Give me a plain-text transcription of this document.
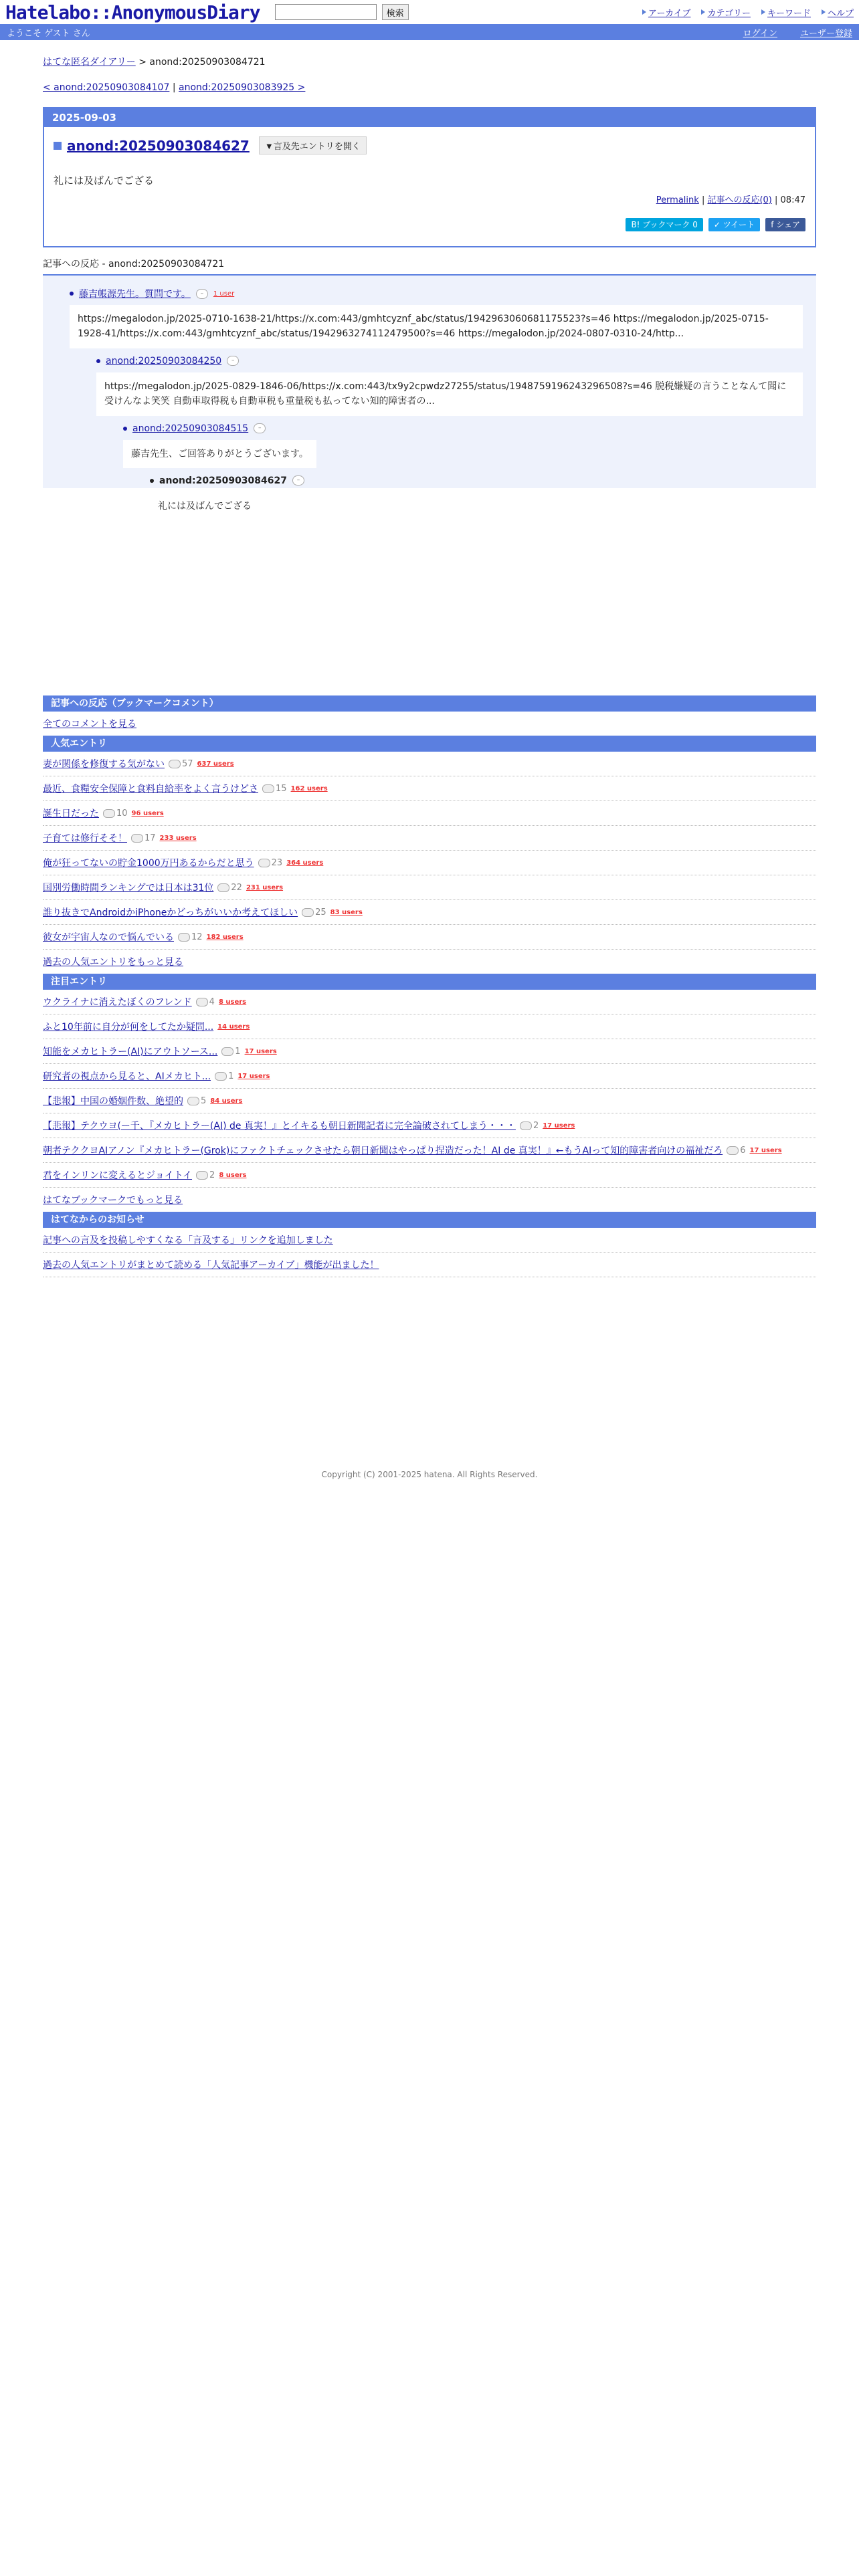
Hatelabo::AnonymousDiary	検索	アーカイブ カテゴリー キーワード ヘルプ
ようこそ ゲスト さん	ログイン	ユーザー登録
はてな匿名ダイアリー > anond:20250903084721
< anond:20250903084107 | anond:20250903083925 >
2025-09-03
anond:20250903084627	▼言及先エントリを開く
礼には及ばんでござる
Permalink | 記事への反応(0) | 08:47
B! ブックマーク 0	✓ ツイート	f シェア
記事への反応 - anond:20250903084721
藤吉帳源先生。質問です。	–	1 user
https://megalodon.jp/2025-0710-1638-21/https://x.com:443/gmhtcyznf_abc/status/1942963060681175523?s=46 https://megalodon.jp/2025-0715-1928-41/https://x.com:443/gmhtcyznf_abc/status/1942963274112479500?s=46 https://megalodon.jp/2024-0807-0310-24/http...
anond:20250903084250	–
https://megalodon.jp/2025-0829-1846-06/https://x.com:443/tx9y2cpwdz27255/status/1948759196243296508?s=46 脱税嫌疑の言うことなんて聞に受けんなよ笑笑 自動車取得税も自動車税も重量税も払ってない知的障害者の...
anond:20250903084515	–
藤吉先生、ご回答ありがとうございます。
anond:20250903084627	–
礼には及ばんでござる
記事への反応（ブックマークコメント）
全てのコメントを見る
人気エントリ
妻が関係を修復する気がない 57 637 users
最近、食糧安全保障と食料自給率をよく言うけどさ 15 162 users
誕生日だった 10 96 users
子育ては修行そそ！ 17 233 users
俺が狂ってないの貯金1000万円あるからだと思う 23 364 users
国別労働時間ランキングでは日本は31位 22 231 users
誰り抜きでAndroidかiPhoneかどっちがいいか考えてほしい 25 83 users
彼女が宇宙人なので悩んでいる 12 182 users
過去の人気エントリをもっと見る
注目エントリ
ウクライナに消えたぼくのフレンド 4 8 users
ふと10年前に自分が何をしてたか疑問... 14 users
知能をメカヒトラー(AI)にアウトソース... 1 17 users
研究者の視点から見ると、AIメカヒト... 1 17 users
【悲報】中国の婚姻件数、絶望的 5 84 users
【悲報】テクウヨ(ー千、『メカヒトラー(AI) de 真実！』とイキるも朝日新聞記者に完全論破されてしまう・・・ 2 17 users
朝者テククヨAIアノン『メカヒトラー(Grok)にファクトチェックさせたら朝日新聞はやっぱり捏造だった！AI de 真実！』←もうAIって知的障害者向けの福祉だろ 6 17 users
君をインリンに変えるとジョイトイ 2 8 users
はてなブックマークでもっと見る
はてなからのお知らせ
記事への言及を投稿しやすくなる「言及する」リンクを追加しました
過去の人気エントリがまとめて読める「人気記事アーカイブ」機能が出ました！
Copyright (C) 2001-2025 hatena. All Rights Reserved.
